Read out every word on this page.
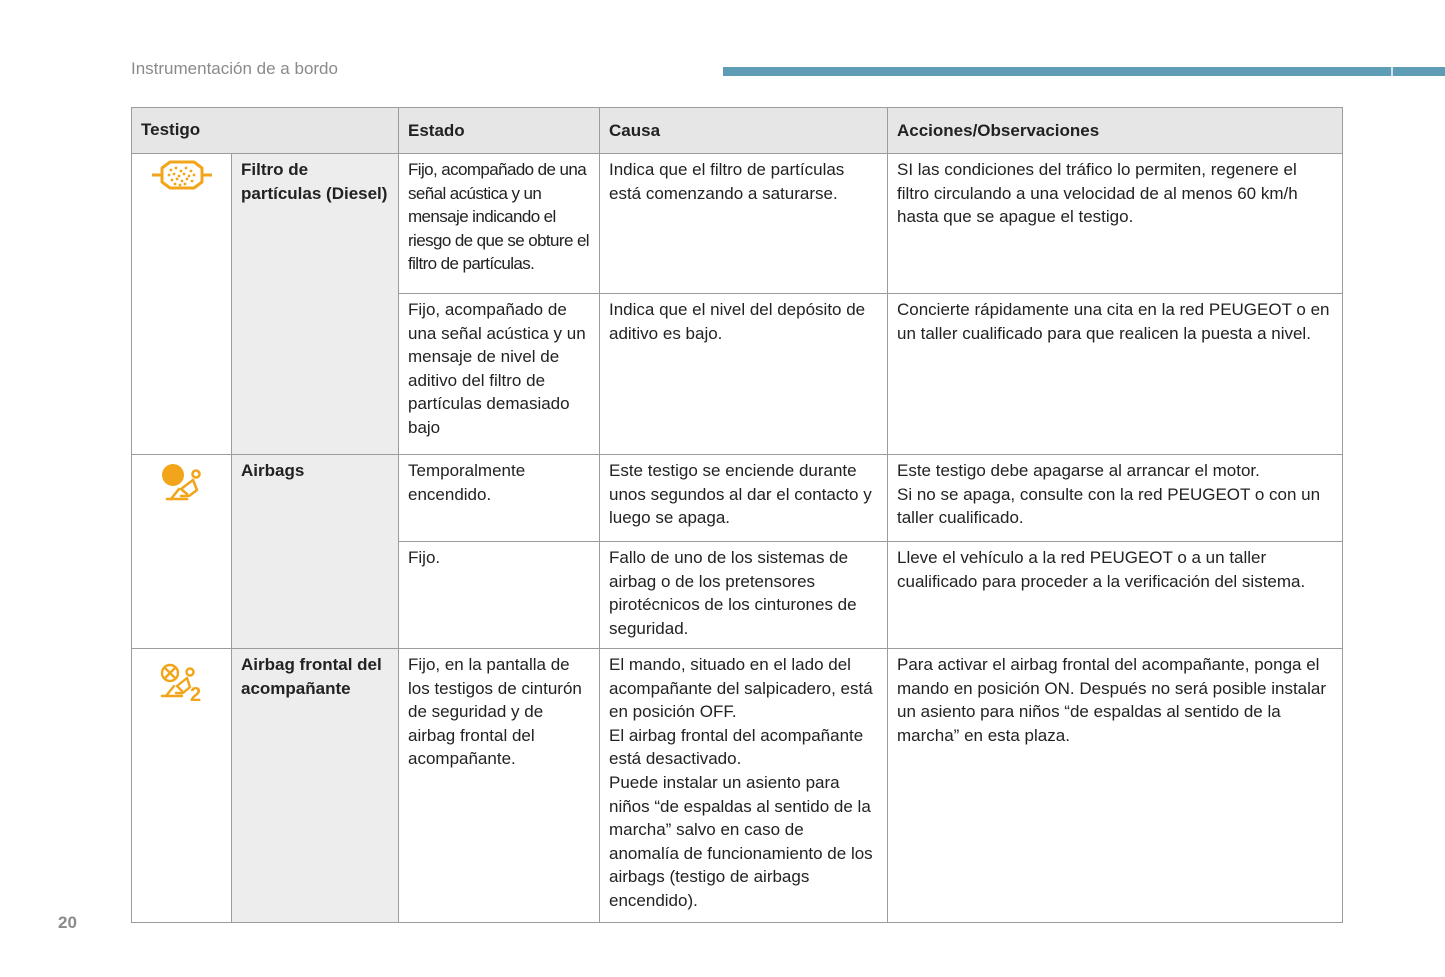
Instrumentación de a bordo
Testigo		Estado	Causa	Acciones/Observaciones

	Filtro de partículas (Diesel)	Fijo, acompañado de una señal acústica y un mensaje indicando el riesgo de que se obture el filtro de partículas.	Indica que el filtro de partículas está comenzando a saturarse.	SI las condiciones del tráfico lo permiten, regenere el filtro circulando a una velocidad de al menos 60 km/h hasta que se apague el testigo.
		Fijo, acompañado de una señal acústica y un mensaje de nivel de aditivo del filtro de partículas demasiado bajo	Indica que el nivel del depósito de aditivo es bajo.	Concierte rápidamente una cita en la red PEUGEOT o en un taller cualificado para que realicen la puesta a nivel.

	Airbags	Temporalmente encendido.	Este testigo se enciende durante unos segundos al dar el contacto y luego se apaga.	Este testigo debe apagarse al arrancar el motor.
Si no se apaga, consulte con la red PEUGEOT o con un taller cualificado.

		Fijo.	Fallo de uno de los sistemas de airbag o de los pretensores pirotécnicos de los cinturones de seguridad.	Lleve el vehículo a la red PEUGEOT o a un taller cualificado para proceder a la verificación del sistema.

2	Airbag frontal del acompañante	Fijo, en la pantalla de los testigos de cinturón de seguridad y de airbag frontal del acompañante.	El mando, situado en el lado del acompañante del salpicadero, está en posición OFF.
El airbag frontal del acompañante está desactivado.
Puede instalar un asiento para niños “de espaldas al sentido de la marcha” salvo en caso de anomalía de funcionamiento de los airbags (testigo de airbags encendido).	Para activar el airbag frontal del acompañante, ponga el mando en posición ON. Después no será posible instalar un asiento para niños “de espaldas al sentido de la marcha” en esta plaza.
20
